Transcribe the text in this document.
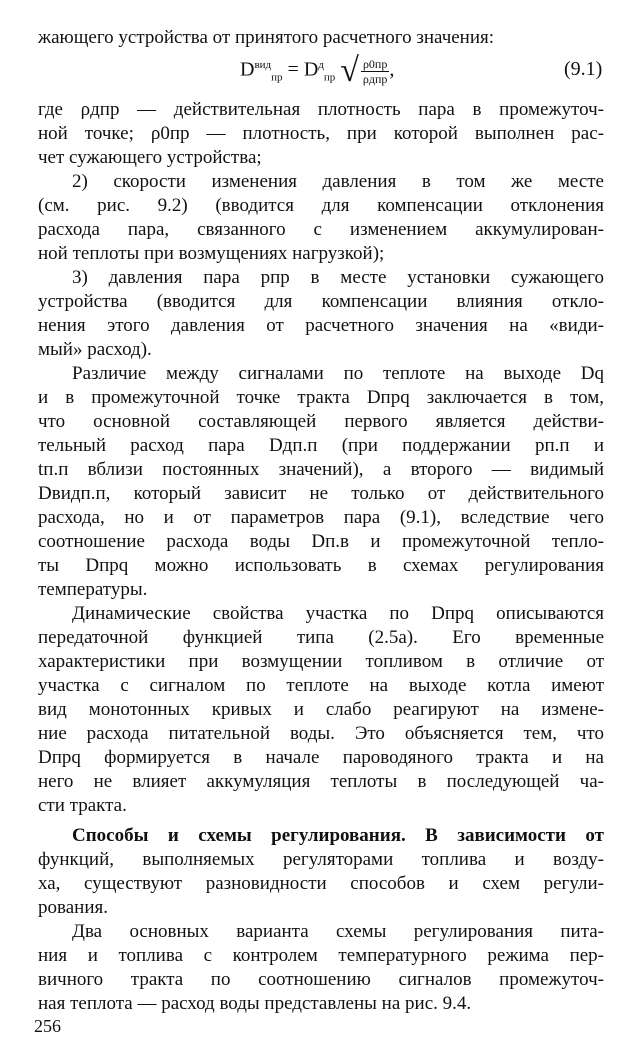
жающего устройства от принятого расчетного значения:
$D^{вид}_{пр} = D^д_{пр}$ √ $\frac{\rho 0пр}{\text{ρдпр}}$ ,	(9.1)
где ρдпр — действительная плотность пара в промежуточ-
ной точке; ρ0пр — плотность, при которой выполнен рас-
чет сужающего устройства;
2) скорости изменения давления в том же месте
(см. рис. 9.2) (вводится для компенсации отклонения
расхода пара, связанного с изменением аккумулирован-
ной теплоты при возмущениях нагрузкой);
3) давления пара pпр в месте установки сужающего
устройства (вводится для компенсации влияния откло-
нения этого давления от расчетного значения на «види-
мый» расход).
Различие между сигналами по теплоте на выходе Dq
и в промежуточной точке тракта Dпрq заключается в том,
что основной составляющей первого является действи-
тельный расход пара Dдп.п (при поддержании pп.п и
tп.п вблизи постоянных значений), а второго — видимый
Dвидп.п, который зависит не только от действительного
расхода, но и от параметров пара (9.1), вследствие чего
соотношение расхода воды Dп.в и промежуточной тепло-
ты Dпрq можно использовать в схемах регулирования
температуры.
Динамические свойства участка по Dпрq описываются
передаточной функцией типа (2.5а). Его временные
характеристики при возмущении топливом в отличие от
участка с сигналом по теплоте на выходе котла имеют
вид монотонных кривых и слабо реагируют на измене-
ние расхода питательной воды. Это объясняется тем, что
Dпрq формируется в начале пароводяного тракта и на
него не влияет аккумуляция теплоты в последующей ча-
сти тракта.
Способы и схемы регулирования. В зависимости от
функций, выполняемых регуляторами топлива и возду-
ха, существуют разновидности способов и схем регули-
рования.
Два основных варианта схемы регулирования пита-
ния и топлива с контролем температурного режима пер-
вичного тракта по соотношению сигналов промежуточ-
ная теплота — расход воды представлены на рис. 9.4.
256
